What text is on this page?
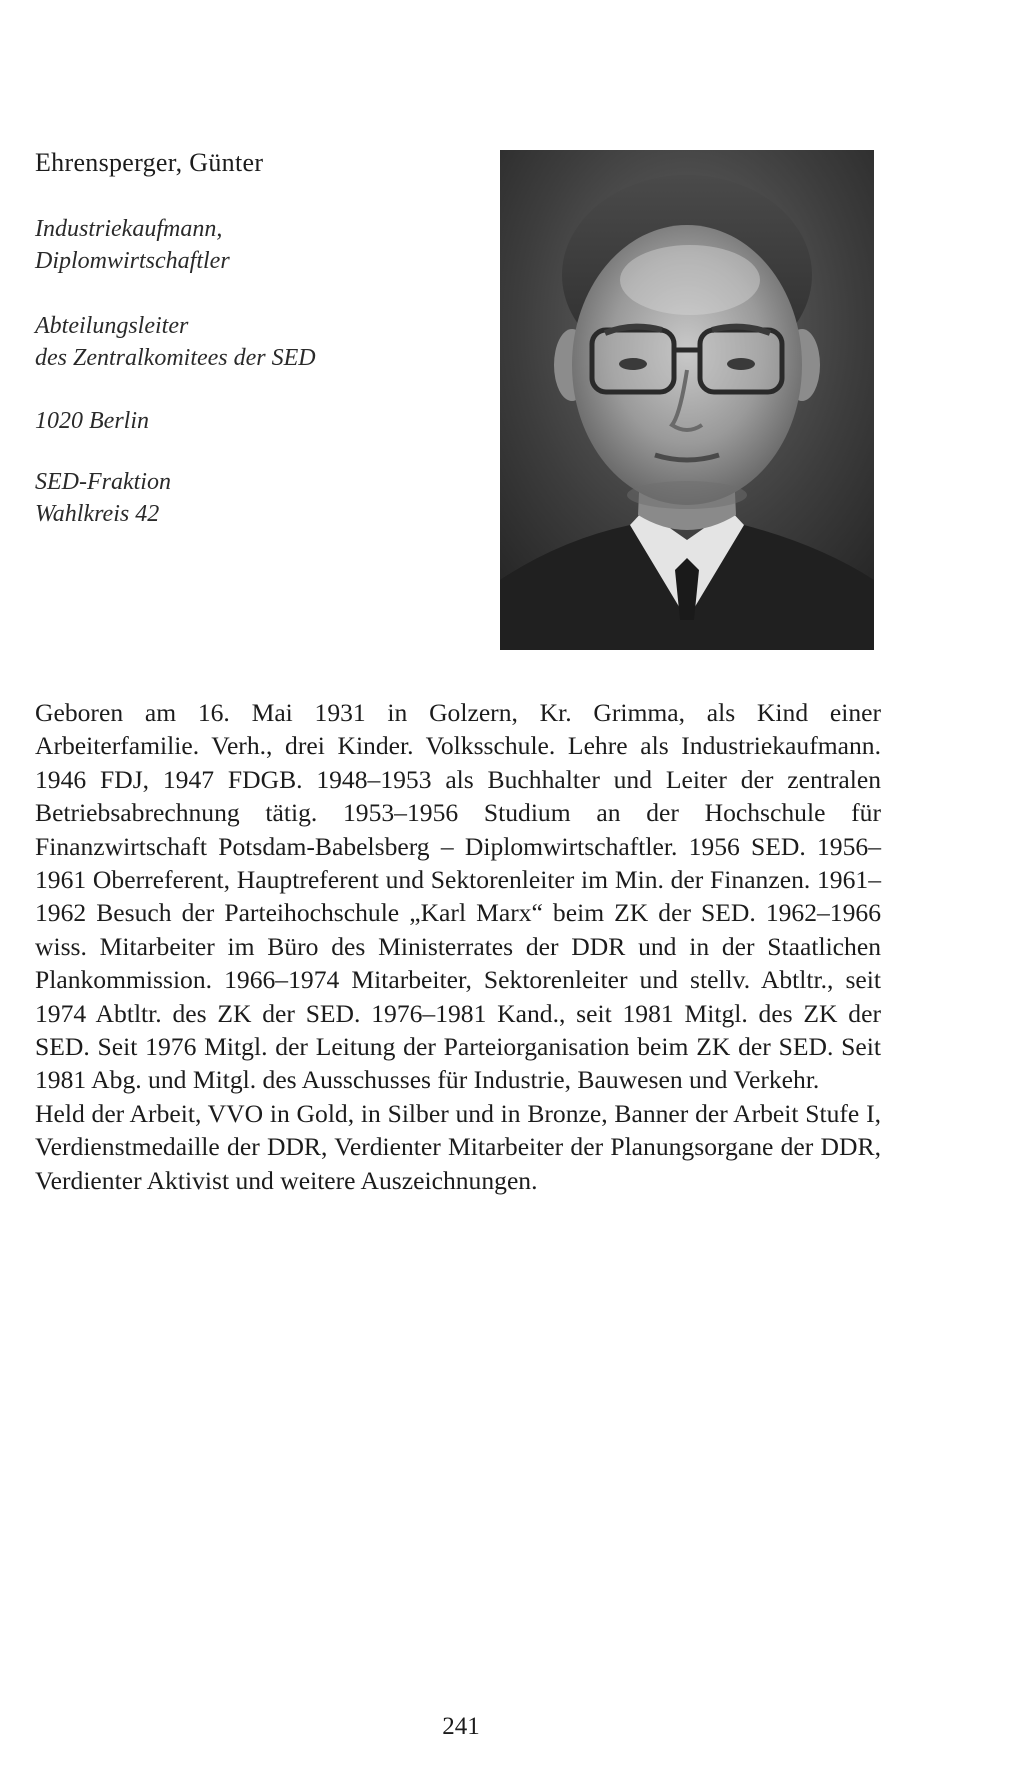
Ehrensperger, Günter
Industriekaufmann,
Diplomwirtschaftler
Abteilungsleiter
des Zentralkomitees der SED
1020 Berlin
SED-Fraktion
Wahlkreis 42

Geboren am 16. Mai 1931 in Golzern, Kr. Grimma, als Kind einer Arbeiterfamilie. Verh., drei Kinder. Volksschule. Lehre als Industriekaufmann. 1946 FDJ, 1947 FDGB. 1948–1953 als Buchhalter und Leiter der zentralen Betriebsabrechnung tätig. 1953–1956 Studium an der Hochschule für Finanzwirtschaft Potsdam-Babelsberg – Diplomwirtschaftler. 1956 SED. 1956–1961 Oberreferent, Hauptreferent und Sektorenleiter im Min. der Finanzen. 1961–1962 Besuch der Parteihochschule „Karl Marx“ beim ZK der SED. 1962–1966 wiss. Mitarbeiter im Büro des Ministerrates der DDR und in der Staatlichen Plankommission. 1966–1974 Mitarbeiter, Sektorenleiter und stellv. Abtltr., seit 1974 Abtltr. des ZK der SED. 1976–1981 Kand., seit 1981 Mitgl. des ZK der SED. Seit 1976 Mitgl. der Leitung der Parteiorganisation beim ZK der SED. Seit 1981 Abg. und Mitgl. des Ausschusses für Industrie, Bauwesen und Verkehr.

Held der Arbeit, VVO in Gold, in Silber und in Bronze, Banner der Arbeit Stufe I, Verdienstmedaille der DDR, Verdienter Mitarbeiter der Planungsorgane der DDR, Verdienter Aktivist und weitere Auszeichnungen.

241
